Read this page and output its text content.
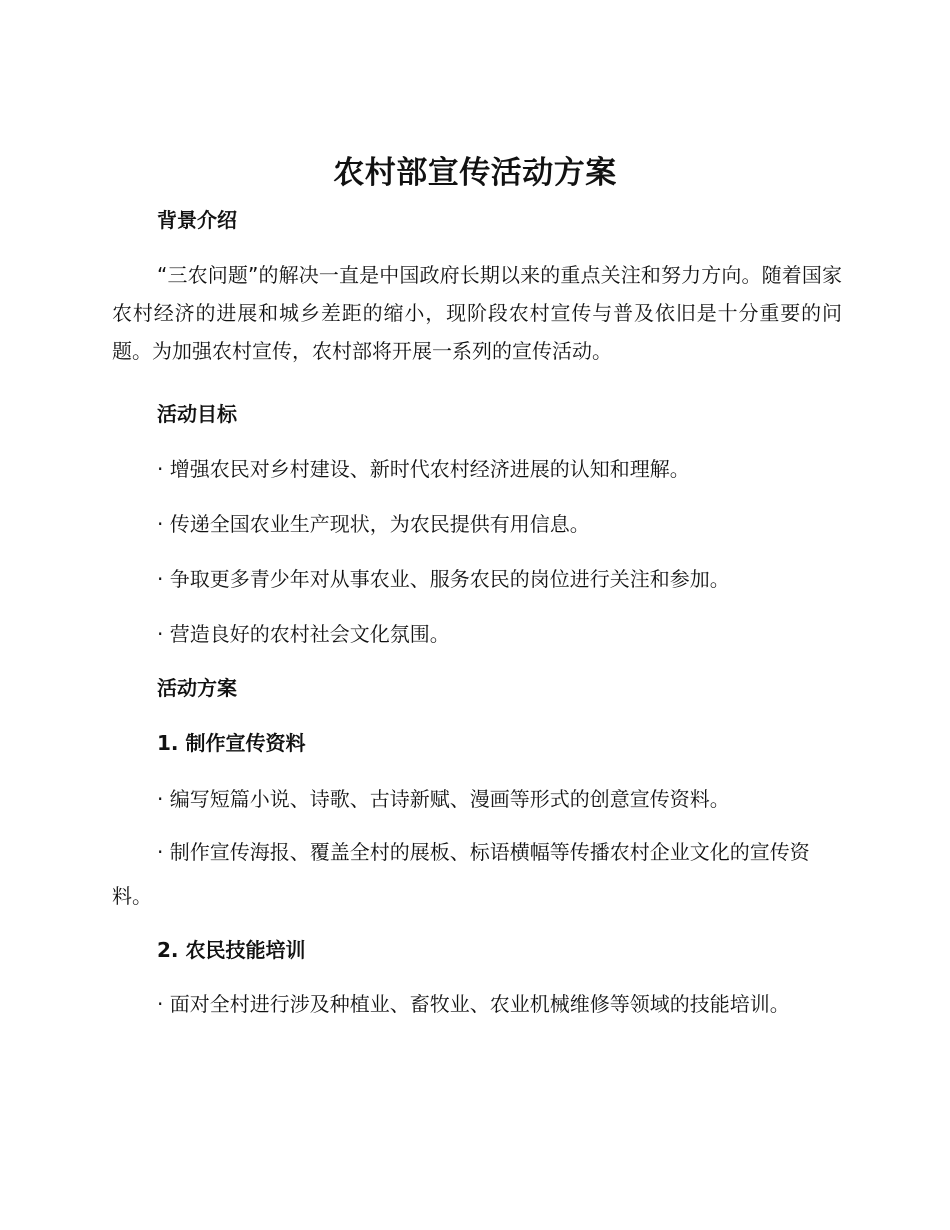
农村部宣传活动方案
背景介绍
“三农问题”的解决一直是中国政府长期以来的重点关注和努力方向。随着国家农村经济的进展和城乡差距的缩小，现阶段农村宣传与普及依旧是十分重要的问题。为加强农村宣传，农村部将开展一系列的宣传活动。
活动目标
· 增强农民对乡村建设、新时代农村经济进展的认知和理解。
· 传递全国农业生产现状，为农民提供有用信息。
· 争取更多青少年对从事农业、服务农民的岗位进行关注和参加。
· 营造良好的农村社会文化氛围。
活动方案
1. 制作宣传资料
· 编写短篇小说、诗歌、古诗新赋、漫画等形式的创意宣传资料。
· 制作宣传海报、覆盖全村的展板、标语横幅等传播农村企业文化的宣传资料。
2. 农民技能培训
· 面对全村进行涉及种植业、畜牧业、农业机械维修等领域的技能培训。
